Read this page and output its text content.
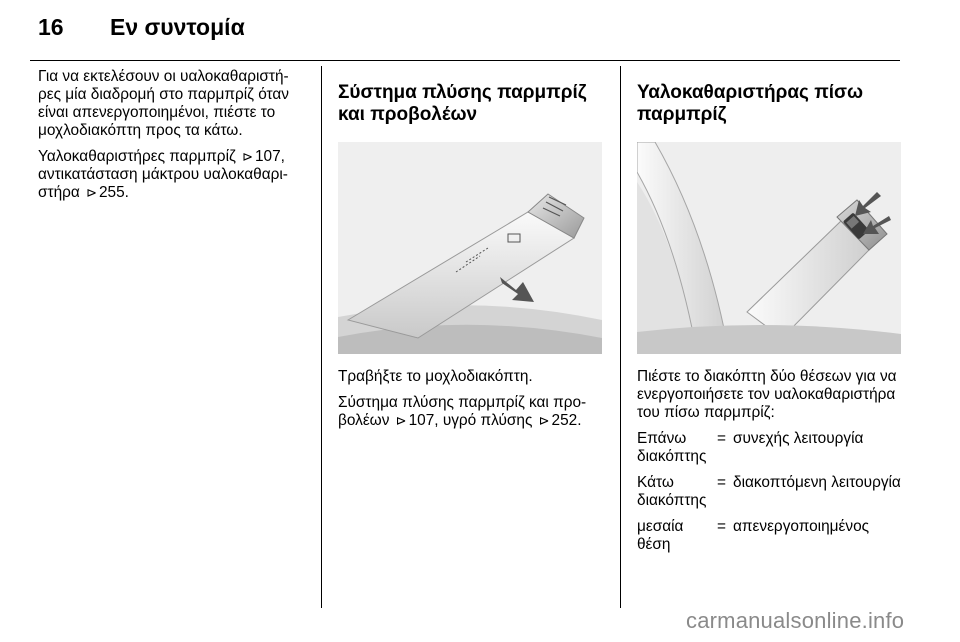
16 Εν συντομία

Για να εκτελέσουν οι υαλοκαθαριστήρες μία διαδρομή στο παρμπρίζ όταν είναι απενεργοποιημένοι, πιέστε το μοχλοδιακόπτη προς τα κάτω.

Υαλοκαθαριστήρες παρμπρίζ ⊳ 107, αντικατάσταση μάκτρου υαλοκαθαριστήρα ⊳ 255.

Σύστημα πλύσης παρμπρίζ και προβολέων

Τραβήξτε το μοχλοδιακόπτη.

Σύστημα πλύσης παρμπρίζ και προβολέων ⊳ 107, υγρό πλύσης ⊳ 252.

Υαλοκαθαριστήρας πίσω παρμπρίζ

Πιέστε το διακόπτη δύο θέσεων για να ενεργοποιήσετε τον υαλοκαθαριστήρα του πίσω παρμπρίζ:

Επάνω διακόπτης
= συνεχής λειτουργία
Κάτω διακόπτης
= διακοπτόμενη λειτουργία
μεσαία θέση
= απενεργοποιημένος
carmanualsonline.info
